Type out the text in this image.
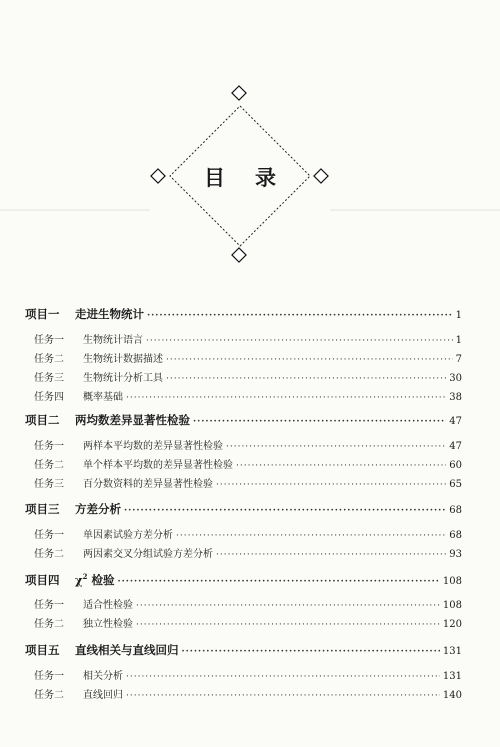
目 录
项目一	走进生物统计 ·····	1
任务一	生物统计语言 ·····	1
任务二	生物统计数据描述 ·····	7
任务三	生物统计分析工具 ·····	30
任务四	概率基础 ·····	38
项目二	两均数差异显著性检验 ·····	47
任务一	两样本平均数的差异显著性检验 ·····	47
任务二	单个样本平均数的差异显著性检验 ·····	60
任务三	百分数资料的差异显著性检验 ·····	65
项目三	方差分析 ·····	68
任务一	单因素试验方差分析 ·····	68
任务二	两因素交叉分组试验方差分析 ·····	93
项目四	$\chi^2$ 检验 ·····	108
任务一	适合性检验 ·····	108
任务二	独立性检验 ·····	120
项目五	直线相关与直线回归 ·····	131
任务一	相关分析 ·····	131
任务二	直线回归 ·····	140
